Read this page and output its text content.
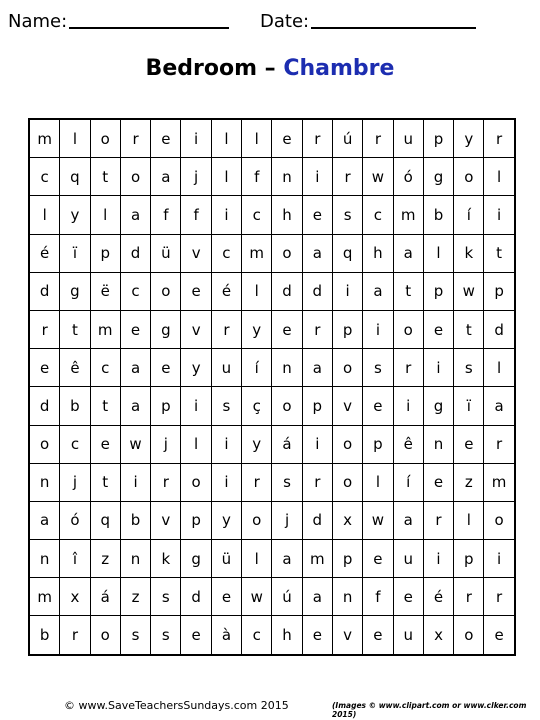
Name:	Date:
Bedroom – Chambre
m	l	o	r	e	i	l	l	e	r	ú	r	u	p	y	r
c	q	t	o	a	j	l	f	n	i	r	w	ó	g	o	l
l	y	l	a	f	f	i	c	h	e	s	c	m	b	í	i
é	ï	p	d	ü	v	c	m	o	a	q	h	a	l	k	t
d	g	ë	c	o	e	é	l	d	d	i	a	t	p	w	p
r	t	m	e	g	v	r	y	e	r	p	i	o	e	t	d
e	ê	c	a	e	y	u	í	n	a	o	s	r	i	s	l
d	b	t	a	p	i	s	ç	o	p	v	e	i	g	ï	a
o	c	e	w	j	l	i	y	á	i	o	p	ê	n	e	r
n	j	t	i	r	o	i	r	s	r	o	l	í	e	z	m
a	ó	q	b	v	p	y	o	j	d	x	w	a	r	l	o
n	î	z	n	k	g	ü	l	a	m	p	e	u	i	p	i
m	x	á	z	s	d	e	w	ú	a	n	f	e	é	r	r
b	r	o	s	s	e	à	c	h	e	v	e	u	x	o	e
© www.SaveTeachersSundays.com 2015	(Images © www.clipart.com or www.clker.com 2015)
